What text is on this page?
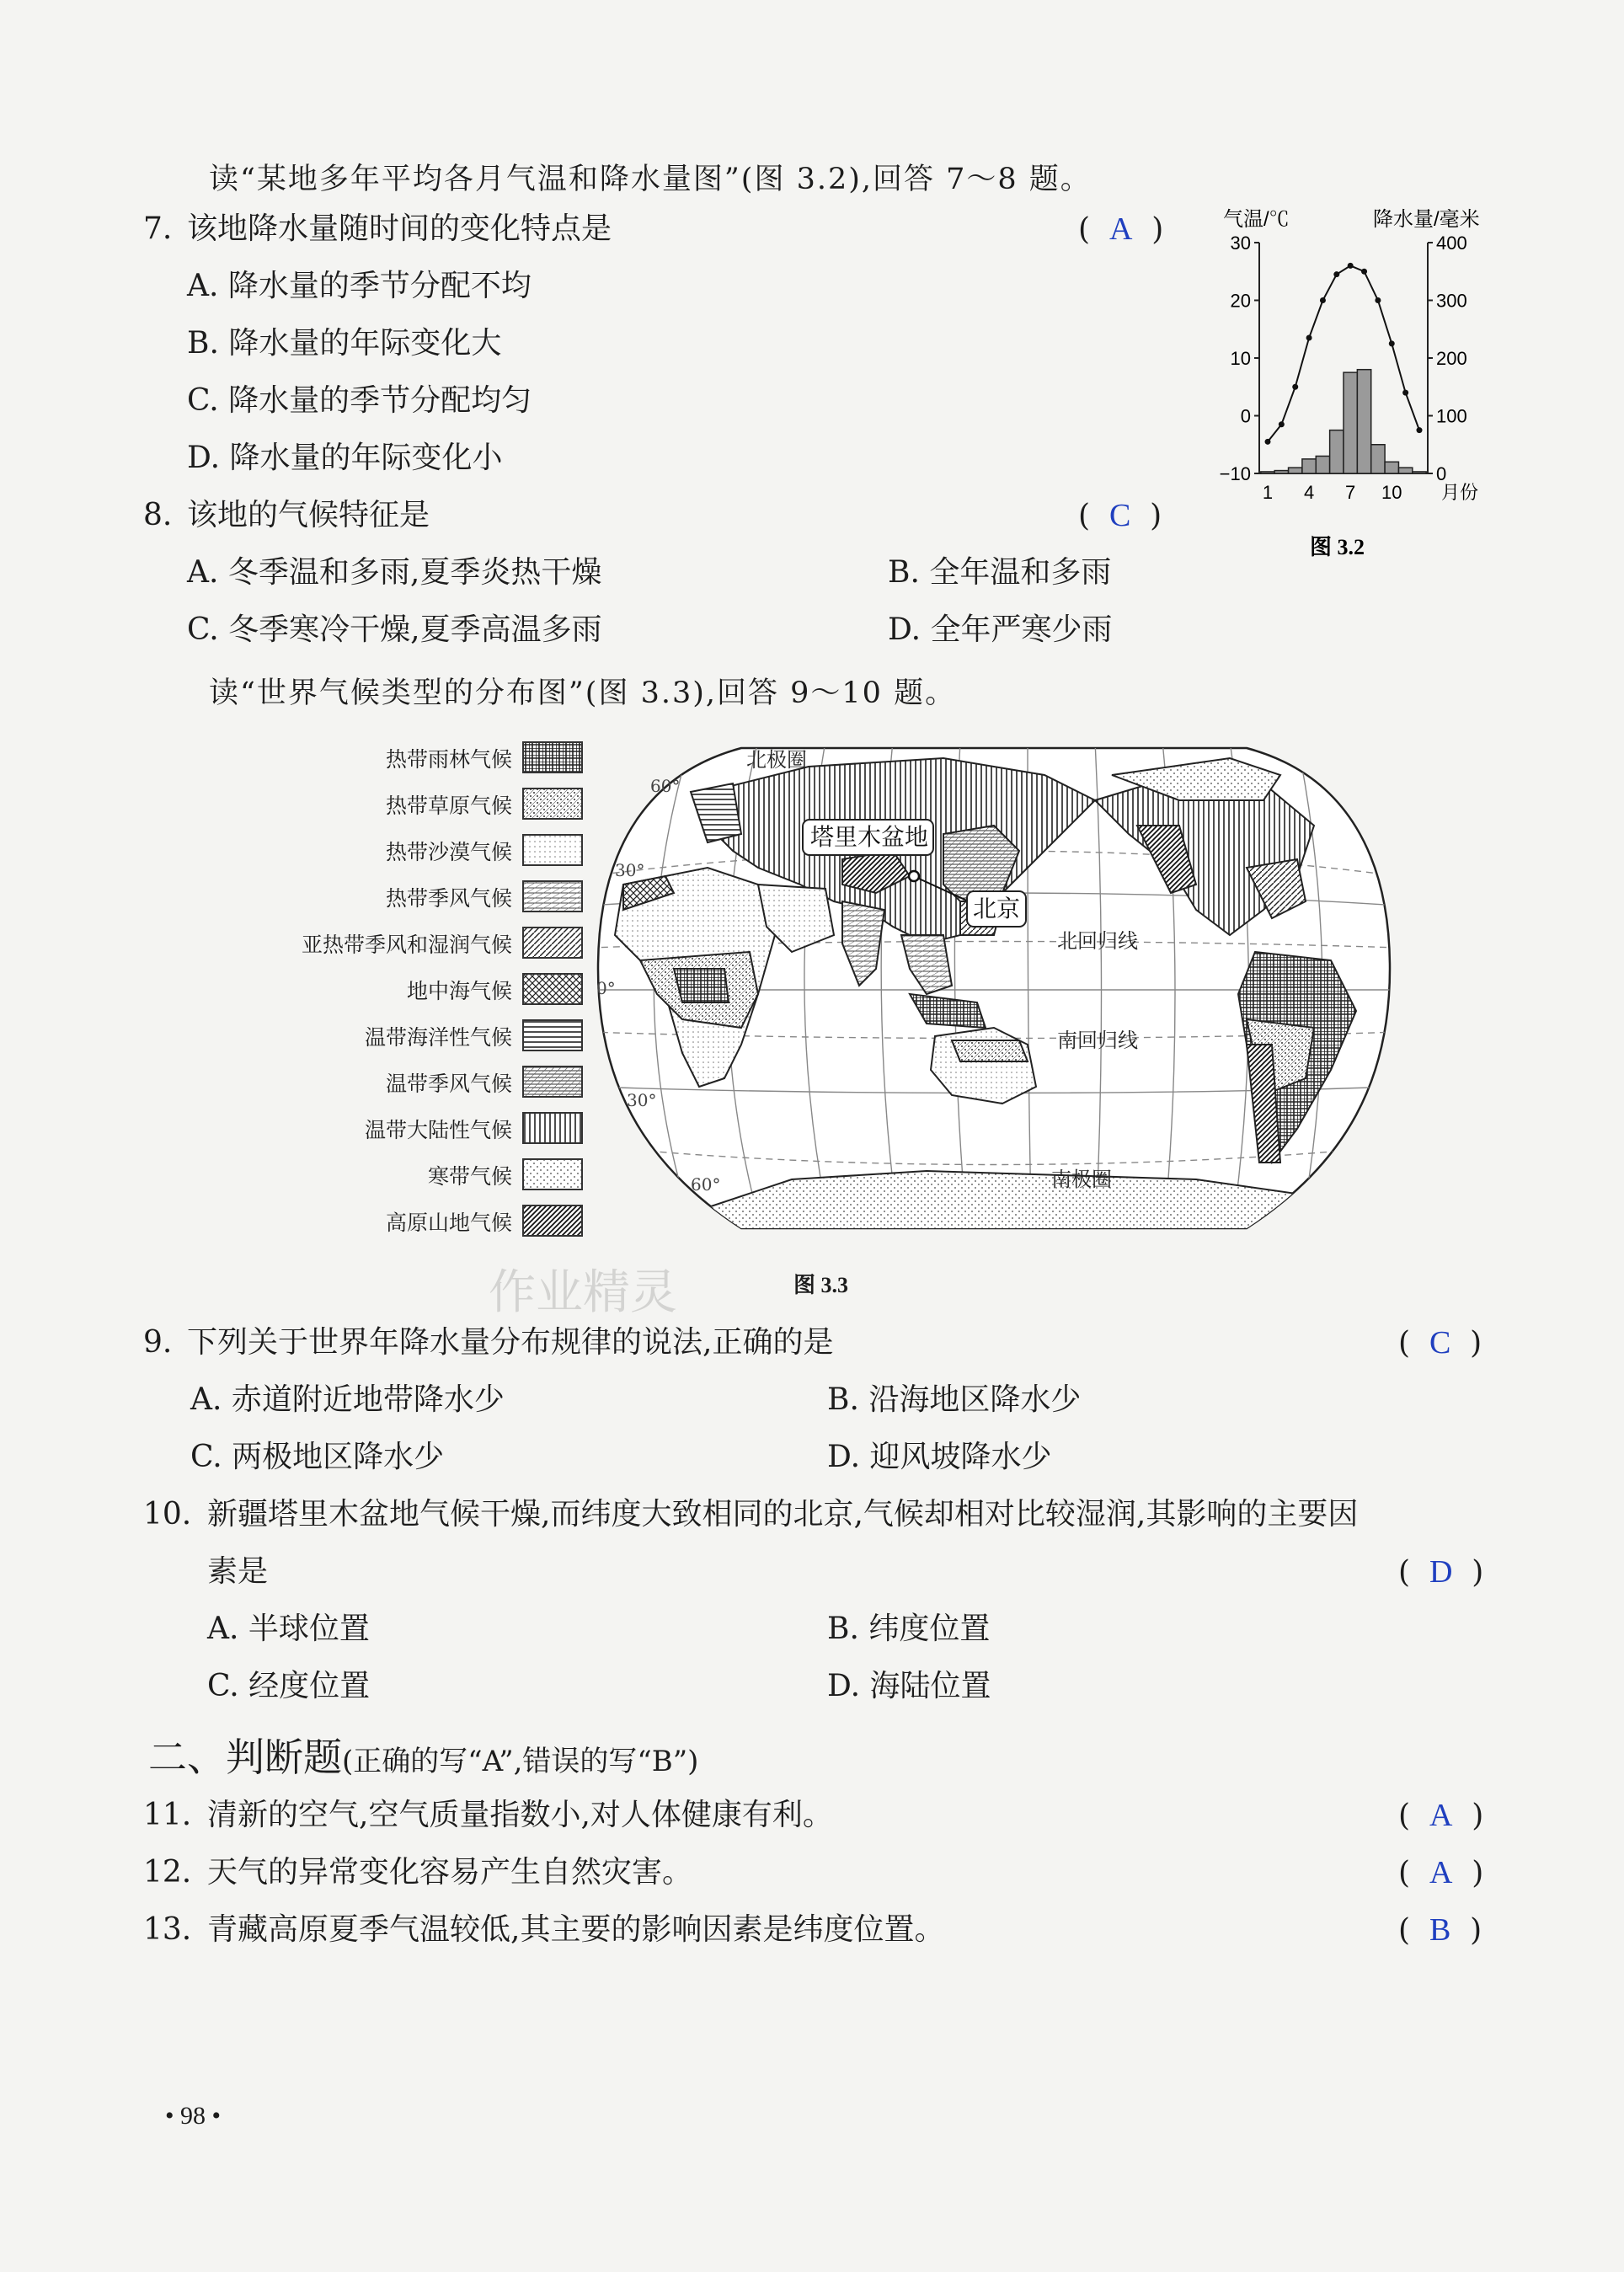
读“某地多年平均各月气温和降水量图”(图 3.2),回答 7～8 题。
7. 该地降水量随时间的变化特点是	(  A  )
A. 降水量的季节分配不均
B. 降水量的年际变化大
C. 降水量的季节分配均匀
D. 降水量的年际变化小
8. 该地的气候特征是	(  C  )
A. 冬季温和多雨,夏季炎热干燥	B. 全年温和多雨
C. 冬季寒冷干燥,夏季高温多雨	D. 全年严寒少雨
气温/℃	降水量/毫米
30
20
10
0
−10
400
300
200
100
0
1 4 7 10 月份
图 3.2
读“世界气候类型的分布图”(图 3.3),回答 9～10 题。
热带雨林气候
热带草原气候
热带沙漠气候
热带季风气候
亚热带季风和湿润气候
地中海气候
温带海洋性气候
温带季风气候
温带大陆性气候
寒带气候
高原山地气候
60°
30°
0°
30°
60°
北极圈
北回归线
南回归线
南极圈
塔里木盆地
北京
图 3.3
作业精灵
9. 下列关于世界年降水量分布规律的说法,正确的是	(  C  )
A. 赤道附近地带降水少	B. 沿海地区降水少
C. 两极地区降水少	D. 迎风坡降水少
10. 新疆塔里木盆地气候干燥,而纬度大致相同的北京,气候却相对比较湿润,其影响的主要因
素是	(  D  )
A. 半球位置	B. 纬度位置
C. 经度位置	D. 海陆位置
二、判断题(正确的写“A”,错误的写“B”)
11. 清新的空气,空气质量指数小,对人体健康有利。	(  A  )
12. 天气的异常变化容易产生自然灾害。	(  A  )
13. 青藏高原夏季气温较低,其主要的影响因素是纬度位置。	(  B  )
• 98 •
